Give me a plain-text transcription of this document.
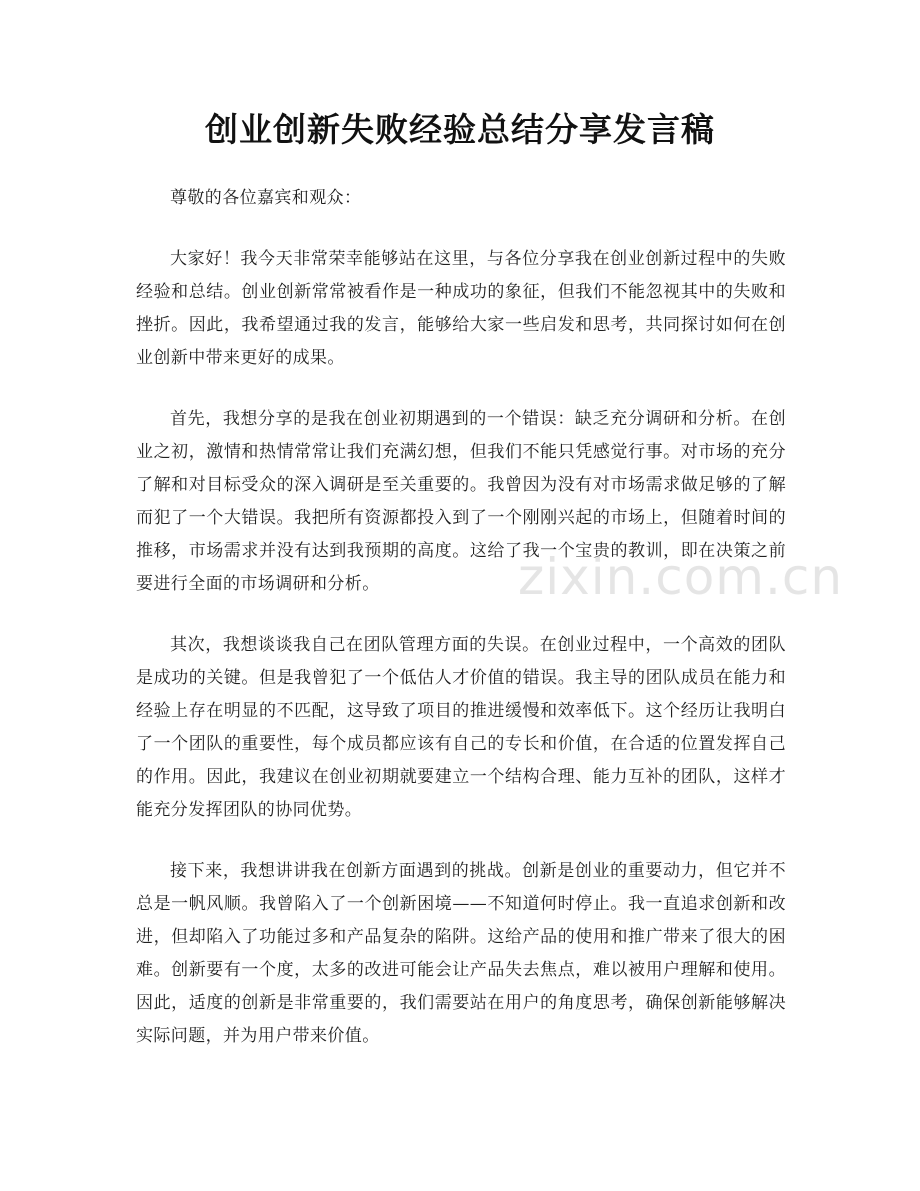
创业创新失败经验总结分享发言稿

尊敬的各位嘉宾和观众：

大家好！我今天非常荣幸能够站在这里，与各位分享我在创业创新过程中的失败经验和总结。创业创新常常被看作是一种成功的象征，但我们不能忽视其中的失败和挫折。因此，我希望通过我的发言，能够给大家一些启发和思考，共同探讨如何在创业创新中带来更好的成果。

首先，我想分享的是我在创业初期遇到的一个错误：缺乏充分调研和分析。在创业之初，激情和热情常常让我们充满幻想，但我们不能只凭感觉行事。对市场的充分了解和对目标受众的深入调研是至关重要的。我曾因为没有对市场需求做足够的了解而犯了一个大错误。我把所有资源都投入到了一个刚刚兴起的市场上，但随着时间的推移，市场需求并没有达到我预期的高度。这给了我一个宝贵的教训，即在决策之前要进行全面的市场调研和分析。

其次，我想谈谈我自己在团队管理方面的失误。在创业过程中，一个高效的团队是成功的关键。但是我曾犯了一个低估人才价值的错误。我主导的团队成员在能力和经验上存在明显的不匹配，这导致了项目的推进缓慢和效率低下。这个经历让我明白了一个团队的重要性，每个成员都应该有自己的专长和价值，在合适的位置发挥自己的作用。因此，我建议在创业初期就要建立一个结构合理、能力互补的团队，这样才能充分发挥团队的协同优势。

接下来，我想讲讲我在创新方面遇到的挑战。创新是创业的重要动力，但它并不总是一帆风顺。我曾陷入了一个创新困境——不知道何时停止。我一直追求创新和改进，但却陷入了功能过多和产品复杂的陷阱。这给产品的使用和推广带来了很大的困难。创新要有一个度，太多的改进可能会让产品失去焦点，难以被用户理解和使用。因此，适度的创新是非常重要的，我们需要站在用户的角度思考，确保创新能够解决实际问题，并为用户带来价值。

zixin.com.cn
